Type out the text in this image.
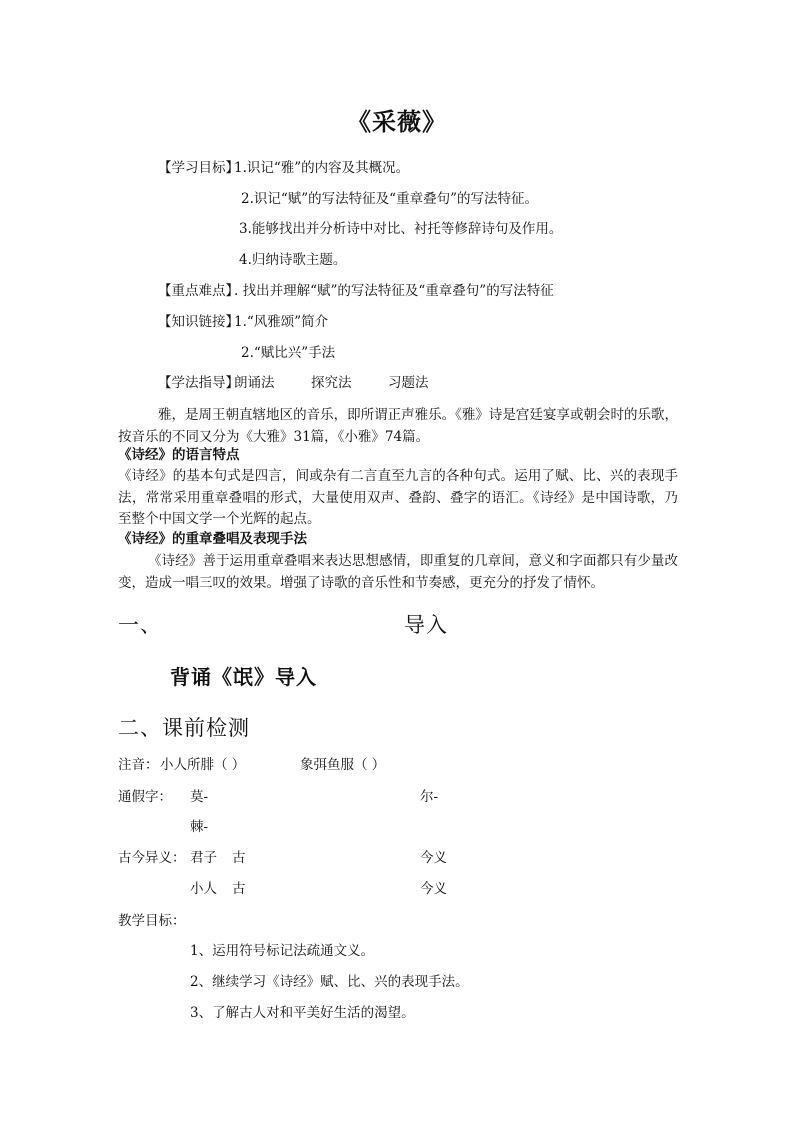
《采薇》
【学习目标】
1.识记“雅”的内容及其概况。
2.识记“赋”的写法特征及“重章叠句”的写法特征。
3.能够找出并分析诗中对比、衬托等修辞诗句及作用。
4.归纳诗歌主题。
【重点难点】
. 找出并理解“赋”的写法特征及“重章叠句”的写法特征
【知识链接】
1.“风雅颂”简介
2.“赋比兴”手法
【学法指导】
朗诵法	探究法	习题法
雅，是周王朝直辖地区的音乐，即所谓正声雅乐。《雅》诗是宫廷宴享或朝会时的乐歌，按音乐的不同又分为《大雅》31篇，《小雅》74篇。
《诗经》的语言特点
《诗经》的基本句式是四言，间或杂有二言直至九言的各种句式。运用了赋、比、兴的表现手法，常常采用重章叠唱的形式，大量使用双声、叠韵、叠字的语汇。《诗经》是中国诗歌，乃至整个中国文学一个光辉的起点。
《诗经》的重章叠唱及表现手法
《诗经》善于运用重章叠唱来表达思想感情，即重复的几章间，意义和字面都只有少量改变，造成一唱三叹的效果。增强了诗歌的音乐性和节奏感，更充分的抒发了情怀。
一、	导入
背诵《氓》导入
二、课前检测
注音： 小人所腓（ ）	象弭鱼服（ ）
通假字： 莫-	尔-
棘-
古今异义： 君子 古	今义
小人 古	今义
教学目标：
1、运用符号标记法疏通文义。
2、继续学习《诗经》赋、比、兴的表现手法。
3、了解古人对和平美好生活的渴望。
